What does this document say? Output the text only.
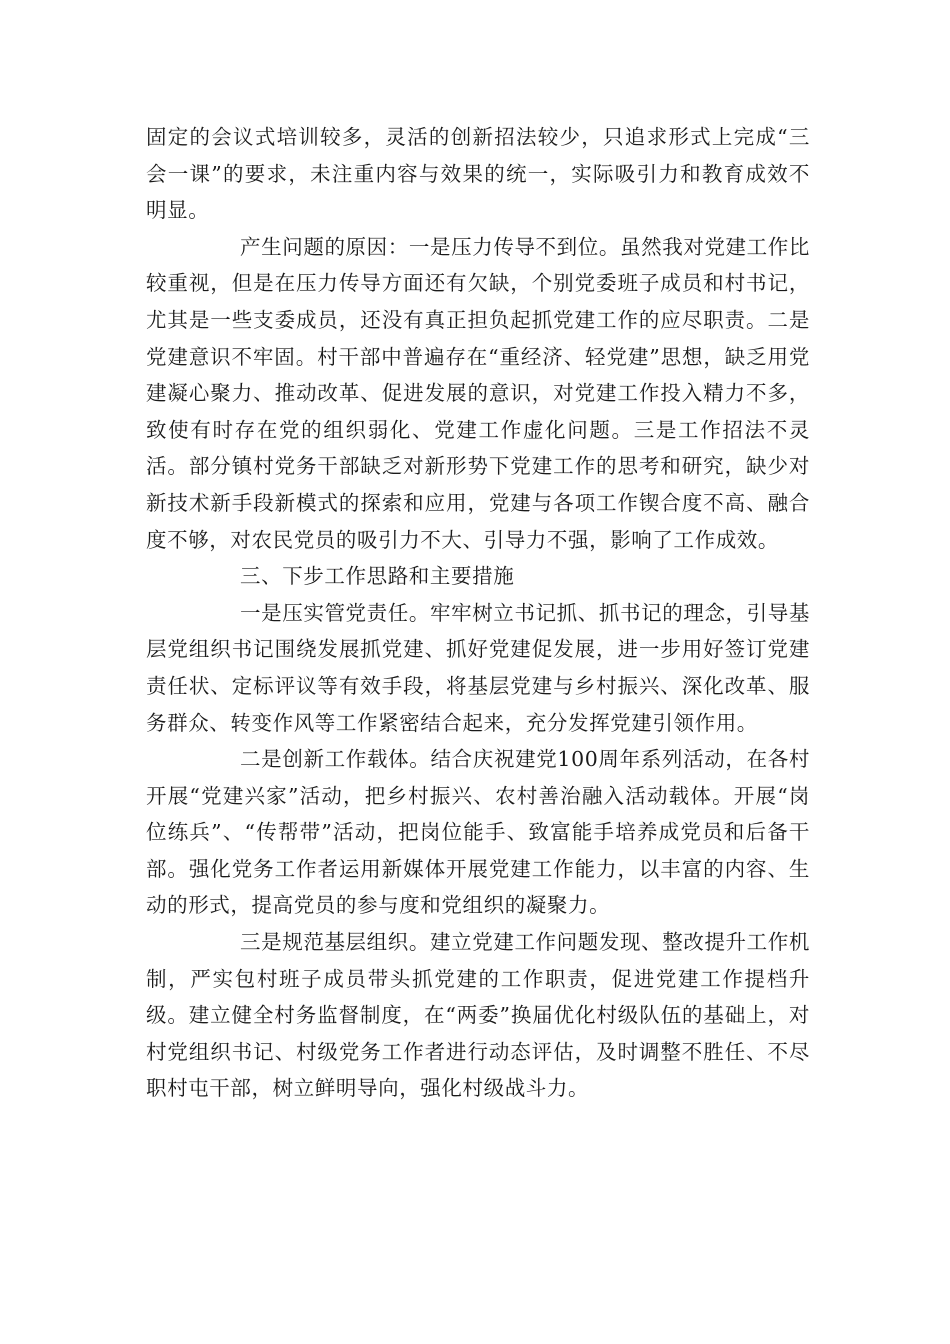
固定的会议式培训较多，灵活的创新招法较少，只追求形式上完成“三会一课”的要求，未注重内容与效果的统一，实际吸引力和教育成效不明显。

产生问题的原因：一是压力传导不到位。虽然我对党建工作比较重视，但是在压力传导方面还有欠缺，个别党委班子成员和村书记，尤其是一些支委成员，还没有真正担负起抓党建工作的应尽职责。二是党建意识不牢固。村干部中普遍存在“重经济、轻党建”思想，缺乏用党建凝心聚力、推动改革、促进发展的意识，对党建工作投入精力不多，致使有时存在党的组织弱化、党建工作虚化问题。三是工作招法不灵活。部分镇村党务干部缺乏对新形势下党建工作的思考和研究，缺少对新技术新手段新模式的探索和应用，党建与各项工作锲合度不高、融合度不够，对农民党员的吸引力不大、引导力不强，影响了工作成效。

三、下步工作思路和主要措施

一是压实管党责任。牢牢树立书记抓、抓书记的理念，引导基层党组织书记围绕发展抓党建、抓好党建促发展，进一步用好签订党建责任状、定标评议等有效手段，将基层党建与乡村振兴、深化改革、服务群众、转变作风等工作紧密结合起来，充分发挥党建引领作用。

二是创新工作载体。结合庆祝建党100周年系列活动，在各村开展“党建兴家”活动，把乡村振兴、农村善治融入活动载体。开展“岗位练兵”、“传帮带”活动，把岗位能手、致富能手培养成党员和后备干部。强化党务工作者运用新媒体开展党建工作能力，以丰富的内容、生动的形式，提高党员的参与度和党组织的凝聚力。

三是规范基层组织。建立党建工作问题发现、整改提升工作机制，严实包村班子成员带头抓党建的工作职责，促进党建工作提档升级。建立健全村务监督制度，在“两委”换届优化村级队伍的基础上，对村党组织书记、村级党务工作者进行动态评估，及时调整不胜任、不尽职村屯干部，树立鲜明导向，强化村级战斗力。
